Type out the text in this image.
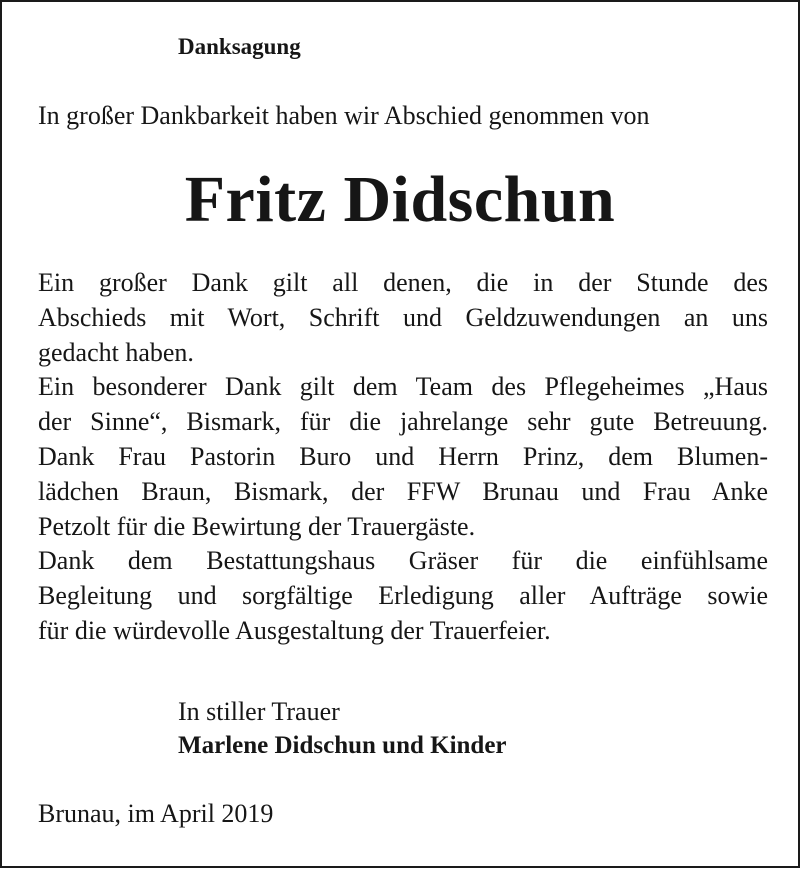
Danksagung

In großer Dankbarkeit haben wir Abschied genommen von

Fritz Didschun

Ein großer Dank gilt all denen, die in der Stunde des
Abschieds mit Wort, Schrift und Geldzuwendungen an uns
gedacht haben.
Ein besonderer Dank gilt dem Team des Pflegeheimes „Haus
der Sinne“, Bismark, für die jahrelange sehr gute Betreuung.
Dank Frau Pastorin Buro und Herrn Prinz, dem Blumen-
lädchen Braun, Bismark, der FFW Brunau und Frau Anke
Petzolt für die Bewirtung der Trauergäste.
Dank dem Bestattungshaus Gräser für die einfühlsame
Begleitung und sorgfältige Erledigung aller Aufträge sowie
für die würdevolle Ausgestaltung der Trauerfeier.

In stiller Trauer

Marlene Didschun und Kinder

Brunau, im April 2019
